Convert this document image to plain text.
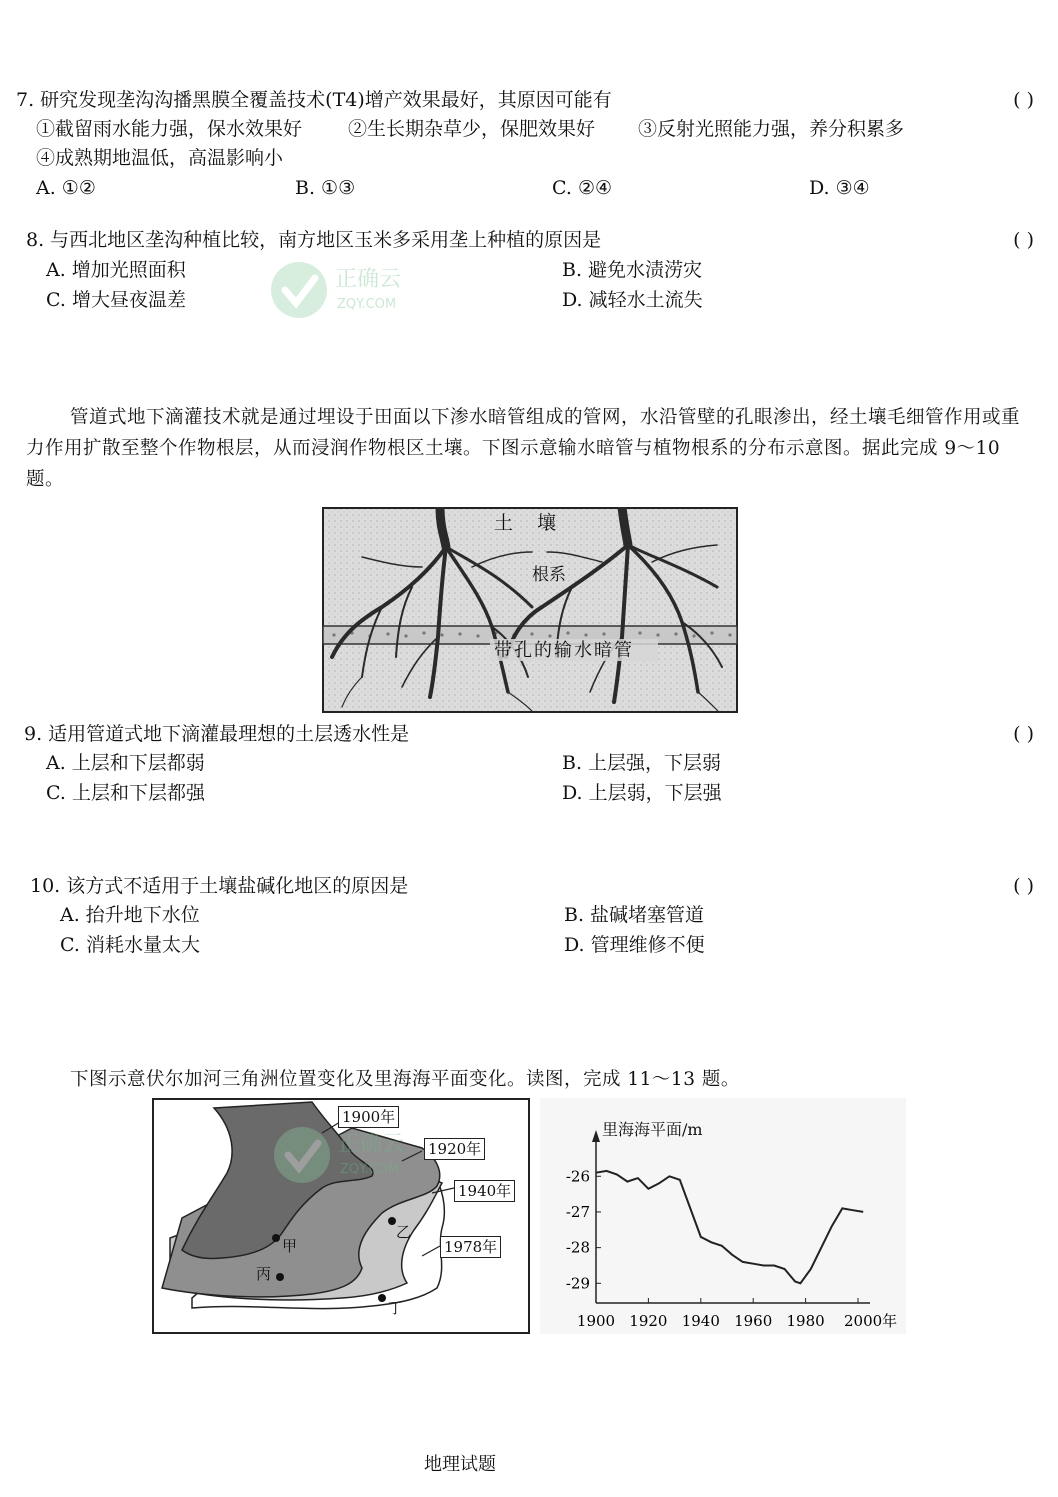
7. 研究发现垄沟沟播黑膜全覆盖技术(T4)增产效果最好，其原因可能有	( )
①截留雨水能力强，保水效果好 ②生长期杂草少，保肥效果好 ③反射光照能力强，养分积累多
④成熟期地温低，高温影响小
A. ①②	B. ①③	C. ②④	D. ③④
8. 与西北地区垄沟种植比较，南方地区玉米多采用垄上种植的原因是	( )
A. 增加光照面积	B. 避免水渍涝灾
C. 增大昼夜温差	D. 减轻水土流失
正确云
ZQY.COM
管道式地下滴灌技术就是通过埋设于田面以下渗水暗管组成的管网，水沿管壁的孔眼渗出，经土壤毛细管作用或重力作用扩散至整个作物根层，从而浸润作物根区土壤。下图示意输水暗管与植物根系的分布示意图。据此完成 9～10 题。
土    壤
根系
带孔的输水暗管
9. 适用管道式地下滴灌最理想的土层透水性是	( )
A. 上层和下层都弱	B. 上层强，下层弱
C. 上层和下层都强	D. 上层弱，下层强
10. 该方式不适用于土壤盐碱化地区的原因是	( )
A. 抬升地下水位	B. 盐碱堵塞管道
C. 消耗水量太大	D. 管理维修不便
下图示意伏尔加河三角洲位置变化及里海海平面变化。读图，完成 11～13 题。
1900年
1920年
1940年
1978年
甲
乙
丙
丁
正确云
ZQY.COM	-26
-27
-28
-29
1900 1920 1940 1960 1980 2000年
里海海平面/m
地理试题
